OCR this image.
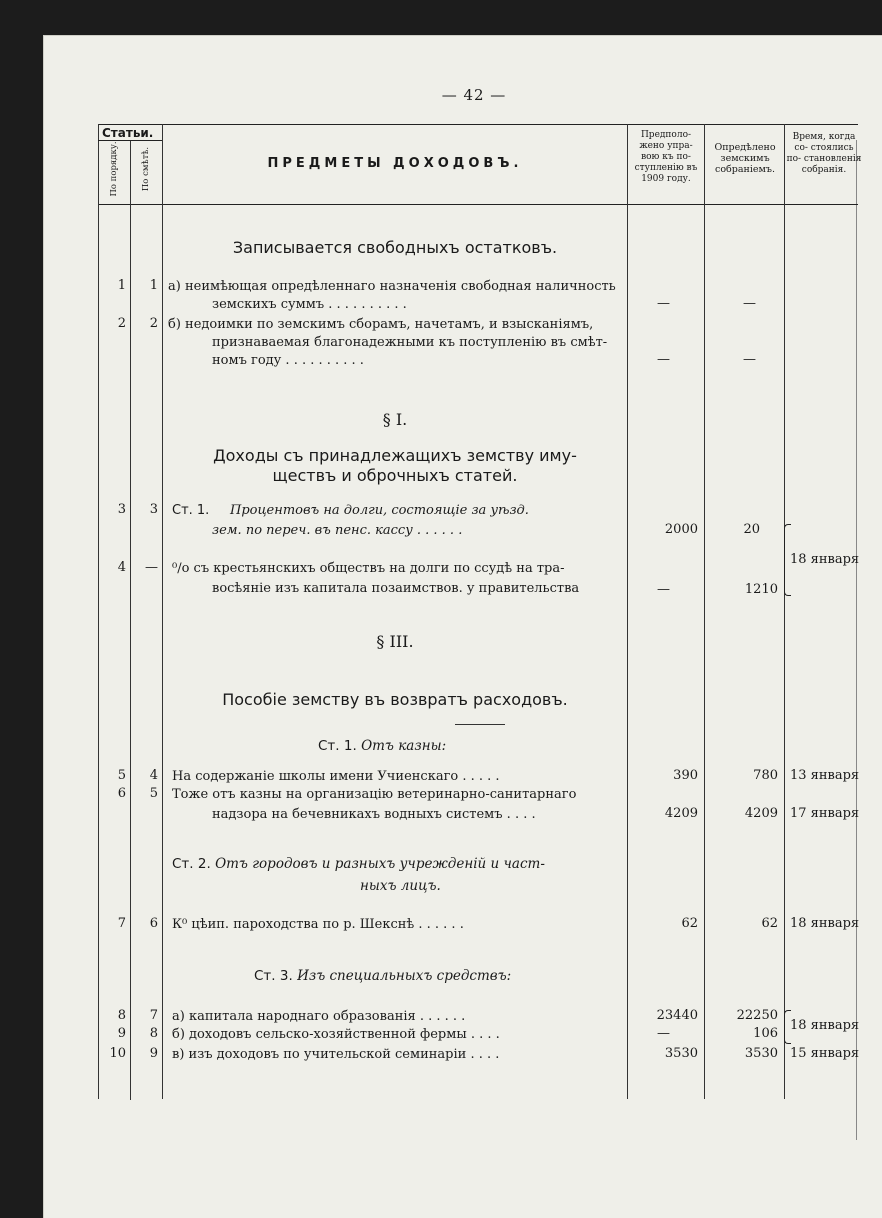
— 42 —
Статьи.
По порядку.	По смѣтѣ.	ПРЕДМЕТЫ ДОХОДОВЪ.
Предполо- жено упра- вою къ по- ступленію въ 1909 году.
Опредѣлено земскимъ собраніемъ.
Время, когда со- стоялись по- становленія собранія.
Записывается свободныхъ остатковъ.
1	1 а) неимѣющая опредѣленнаго назначенія свободная наличность
земскихъ суммъ . . . . . . . . . .	—	—
2	2 б) недоимки по земскимъ сборамъ, начетамъ, и взысканіямъ,
признаваемая благонадежными къ поступленію въ смѣт-
номъ году . . . . . . . . . .	—	—
§ I.
Доходы съ принадлежащихъ земству иму-
ществъ и оброчныхъ статей.
3	3 Ст. 1. Процентовъ на долги, состоящіе за уѣзд.
зем. по переч. въ пенс. кассу . . . . . .	2000	20
4	— ⁰/о съ крестьянскихъ обществъ на долги по ссудѣ на тра-
восѣяніе изъ капитала позаимствов. у правительства	—	1210
18 января
§ III.
Пособіе земству въ возвратъ расходовъ.
Ст. 1. Отъ казны:
5	4 На содержаніе школы имени Учиенскаго . . . . .	390	780 13 января
6	5 Тоже отъ казны на организацію ветеринарно-санитарнаго
надзора на бечевникахъ водныхъ системъ . . . .	4209	4209 17 января
Ст. 2. Отъ городовъ и разныхъ учрежденій и част-
ныхъ лицъ.
7	6 К⁰ цѣип. пароходства по р. Шекснѣ . . . . . .	62	62 18 января
Ст. 3. Изъ специальныхъ средствъ:
8	7 а) капитала народнаго образованія . . . . . .	23440	22250
9	8 б) доходовъ сельско-хозяйственной фермы . . . .	—	106
18 января
10	9 в) изъ доходовъ по учительской семинаріи . . . .	3530	3530 15 января
